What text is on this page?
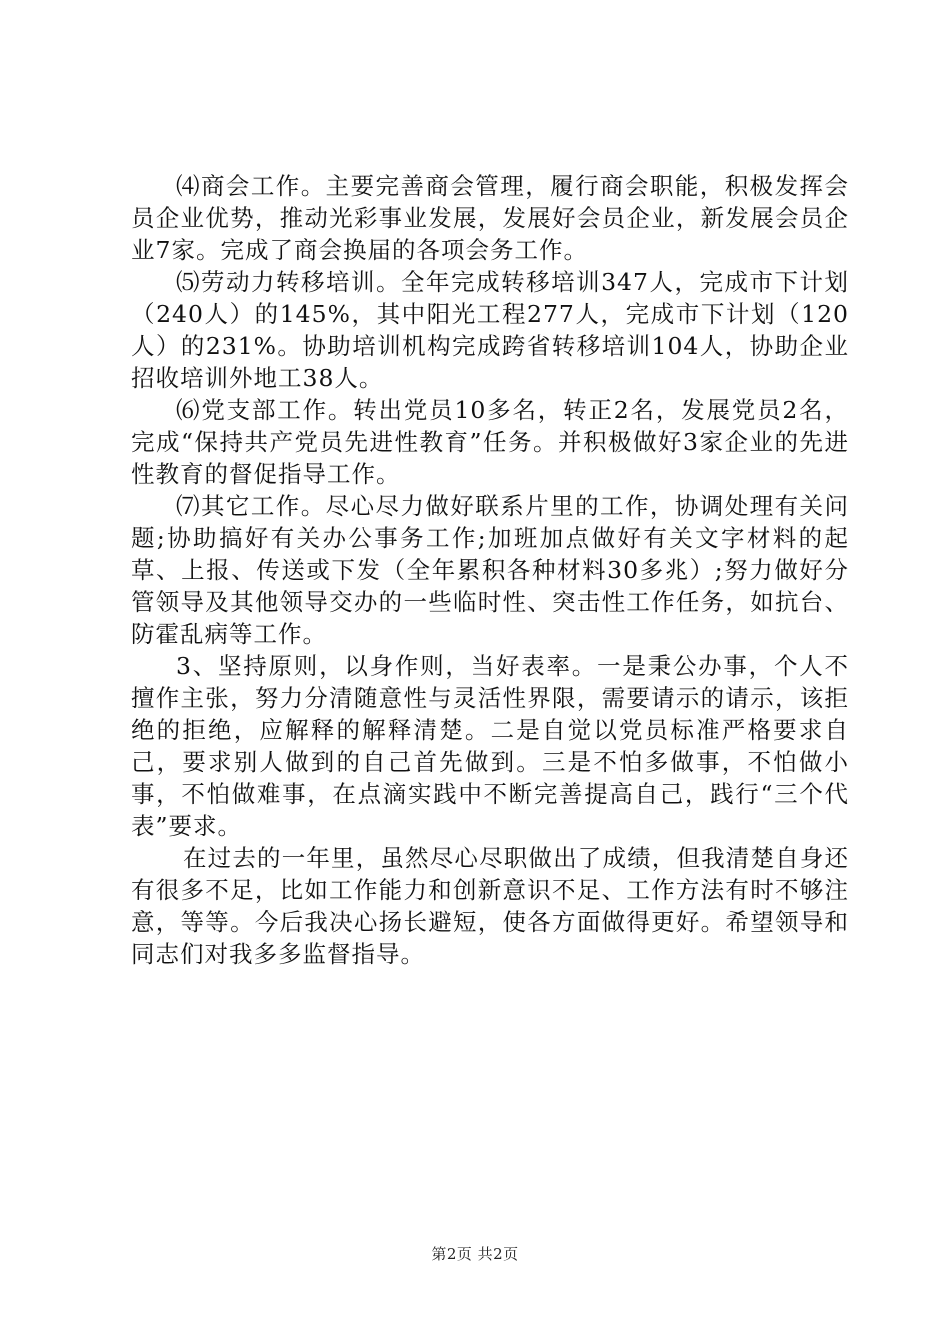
⑷商会工作。主要完善商会管理，履行商会职能，积极发挥会员企业优势，推动光彩事业发展，发展好会员企业，新发展会员企业7家。完成了商会换届的各项会务工作。

⑸劳动力转移培训。全年完成转移培训347人，完成市下计划（240人）的145%，其中阳光工程277人，完成市下计划（120人）的231%。协助培训机构完成跨省转移培训104人，协助企业招收培训外地工38人。

⑹党支部工作。转出党员10多名，转正2名，发展党员2名，完成“保持共产党员先进性教育”任务。并积极做好3家企业的先进性教育的督促指导工作。

⑺其它工作。尽心尽力做好联系片里的工作，协调处理有关问题;协助搞好有关办公事务工作;加班加点做好有关文字材料的起草、上报、传送或下发（全年累积各种材料30多兆）;努力做好分管领导及其他领导交办的一些临时性、突击性工作任务，如抗台、防霍乱病等工作。

3、坚持原则，以身作则，当好表率。一是秉公办事，个人不擅作主张，努力分清随意性与灵活性界限，需要请示的请示，该拒绝的拒绝，应解释的解释清楚。二是自觉以党员标准严格要求自己，要求别人做到的自己首先做到。三是不怕多做事，不怕做小事，不怕做难事，在点滴实践中不断完善提高自己，践行“三个代表”要求。

在过去的一年里，虽然尽心尽职做出了成绩，但我清楚自身还有很多不足，比如工作能力和创新意识不足、工作方法有时不够注意，等等。今后我决心扬长避短，使各方面做得更好。希望领导和同志们对我多多监督指导。

第2页 共2页
